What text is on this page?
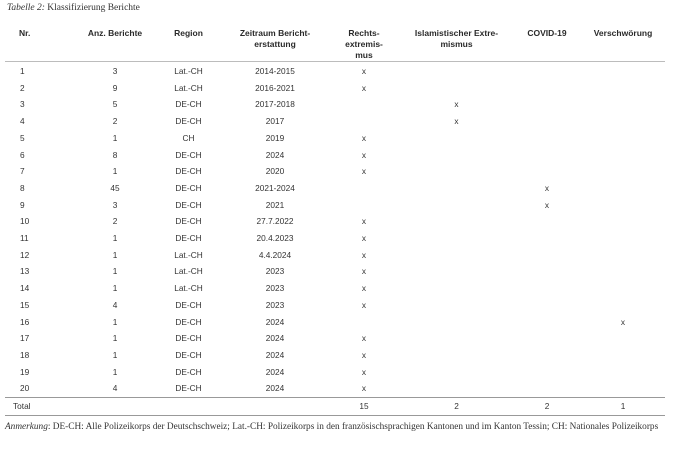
Tabelle 2: Klassifizierung Berichte
Nr.	Anz. Berichte	Region	Zeitraum Bericht-
erstattung	Rechts-extremis-
mus	Islamistischer Extre-
mismus	COVID-19	Verschwörung
1	3	Lat.-CH	2014-2015	x			
2	9	Lat.-CH	2016-2021	x			
3	5	DE-CH	2017-2018		x		
4	2	DE-CH	2017		x		
5	1	CH	2019	x			
6	8	DE-CH	2024	x			
7	1	DE-CH	2020	x			
8	45	DE-CH	2021-2024			x	
9	3	DE-CH	2021			x	
10	2	DE-CH	27.7.2022	x			
11	1	DE-CH	20.4.2023	x			
12	1	Lat.-CH	4.4.2024	x			
13	1	Lat.-CH	2023	x			
14	1	Lat.-CH	2023	x			
15	4	DE-CH	2023	x			
16	1	DE-CH	2024				x
17	1	DE-CH	2024	x			
18	1	DE-CH	2024	x			
19	1	DE-CH	2024	x			
20	4	DE-CH	2024	x			
Total				15	2	2	1
Anmerkung: DE-CH: Alle Polizeikorps der Deutschschweiz; Lat.-CH: Polizeikorps in den französischsprachigen Kantonen und im Kanton Tessin; CH: Nationales Polizeikorps
